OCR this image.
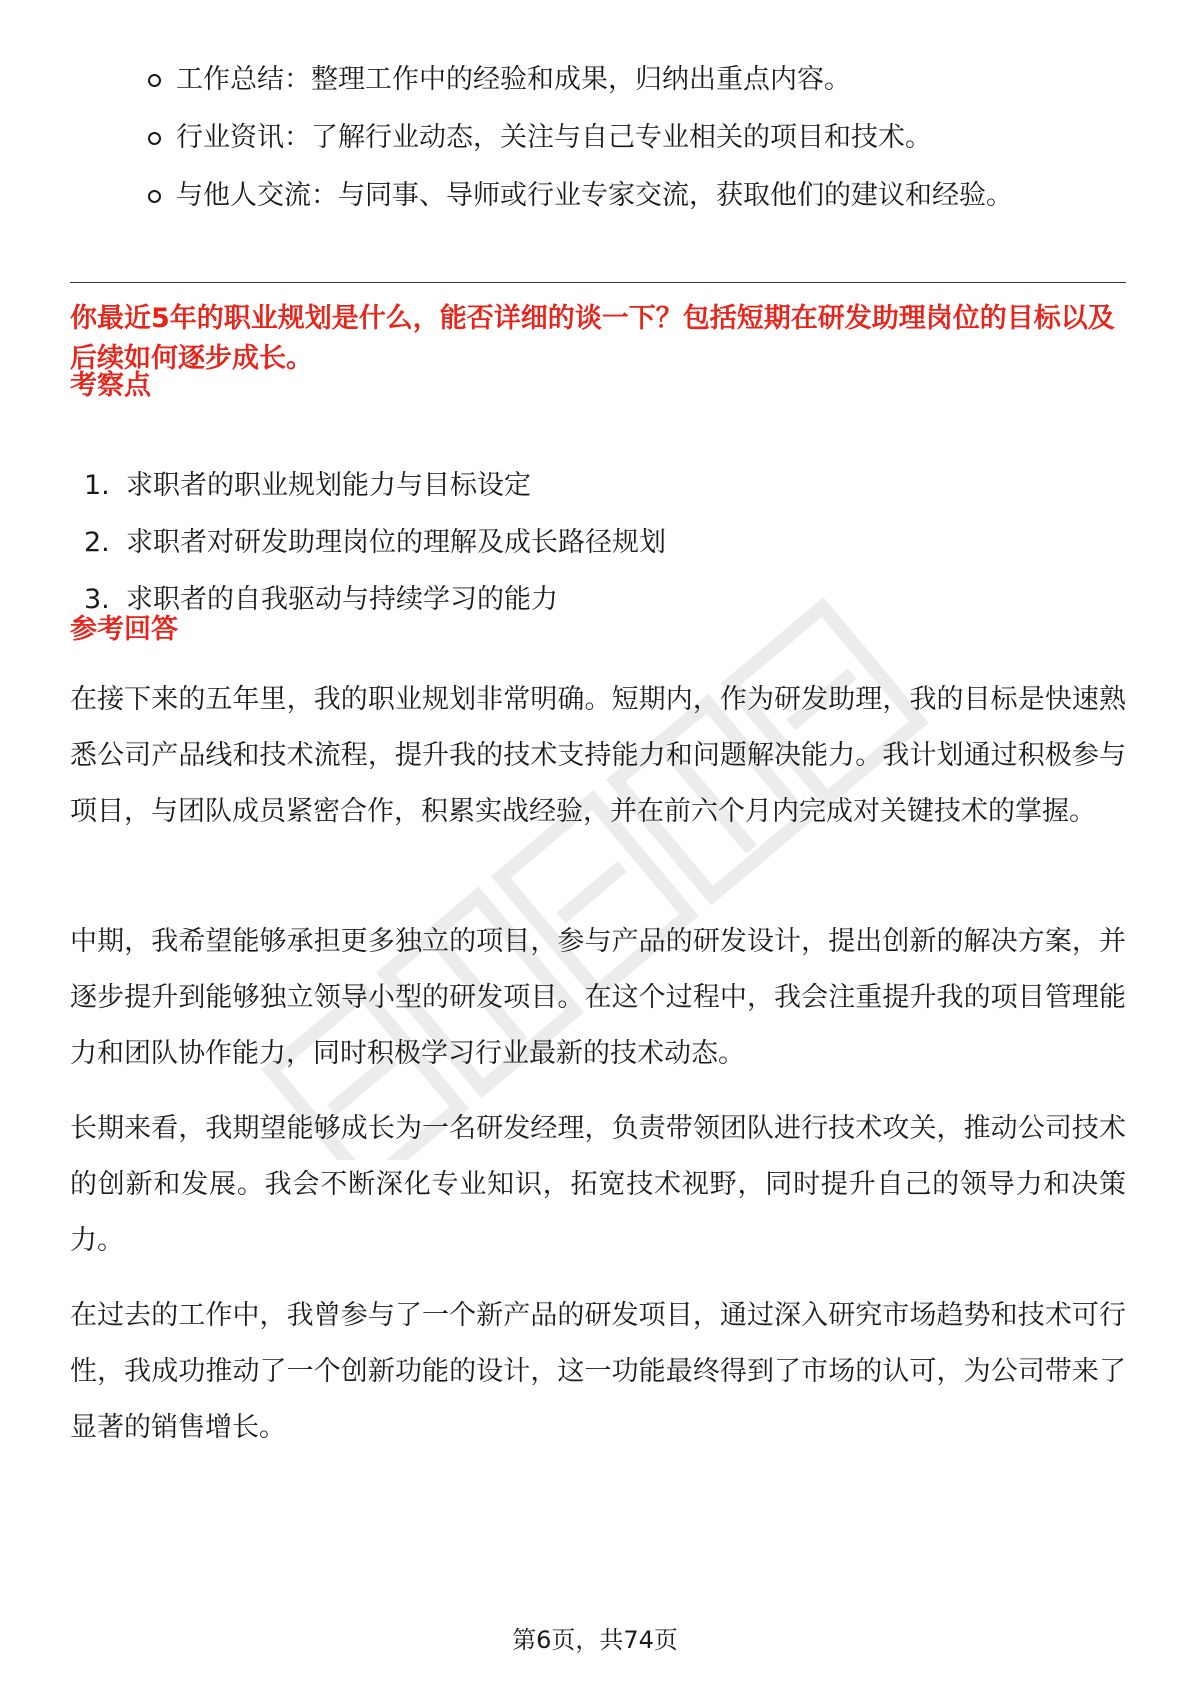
工作总结：整理工作中的经验和成果，归纳出重点内容。
行业资讯：了解行业动态，关注与自己专业相关的项目和技术。
与他人交流：与同事、导师或行业专家交流，获取他们的建议和经验。

你最近5年的职业规划是什么，能否详细的谈一下？包括短期在研发助理岗位的目标以及后续如何逐步成长。

考察点

1. 求职者的职业规划能力与目标设定
2. 求职者对研发助理岗位的理解及成长路径规划
3. 求职者的自我驱动与持续学习的能力

参考回答

在接下来的五年里，我的职业规划非常明确。短期内，作为研发助理，我的目标是快速熟悉公司产品线和技术流程，提升我的技术支持能力和问题解决能力。我计划通过积极参与项目，与团队成员紧密合作，积累实战经验，并在前六个月内完成对关键技术的掌握。

中期，我希望能够承担更多独立的项目，参与产品的研发设计，提出创新的解决方案，并逐步提升到能够独立领导小型的研发项目。在这个过程中，我会注重提升我的项目管理能力和团队协作能力，同时积极学习行业最新的技术动态。

长期来看，我期望能够成长为一名研发经理，负责带领团队进行技术攻关，推动公司技术的创新和发展。我会不断深化专业知识，拓宽技术视野，同时提升自己的领导力和决策力。

在过去的工作中，我曾参与了一个新产品的研发项目，通过深入研究市场趋势和技术可行性，我成功推动了一个创新功能的设计，这一功能最终得到了市场的认可，为公司带来了显著的销售增长。

第6页，共74页
